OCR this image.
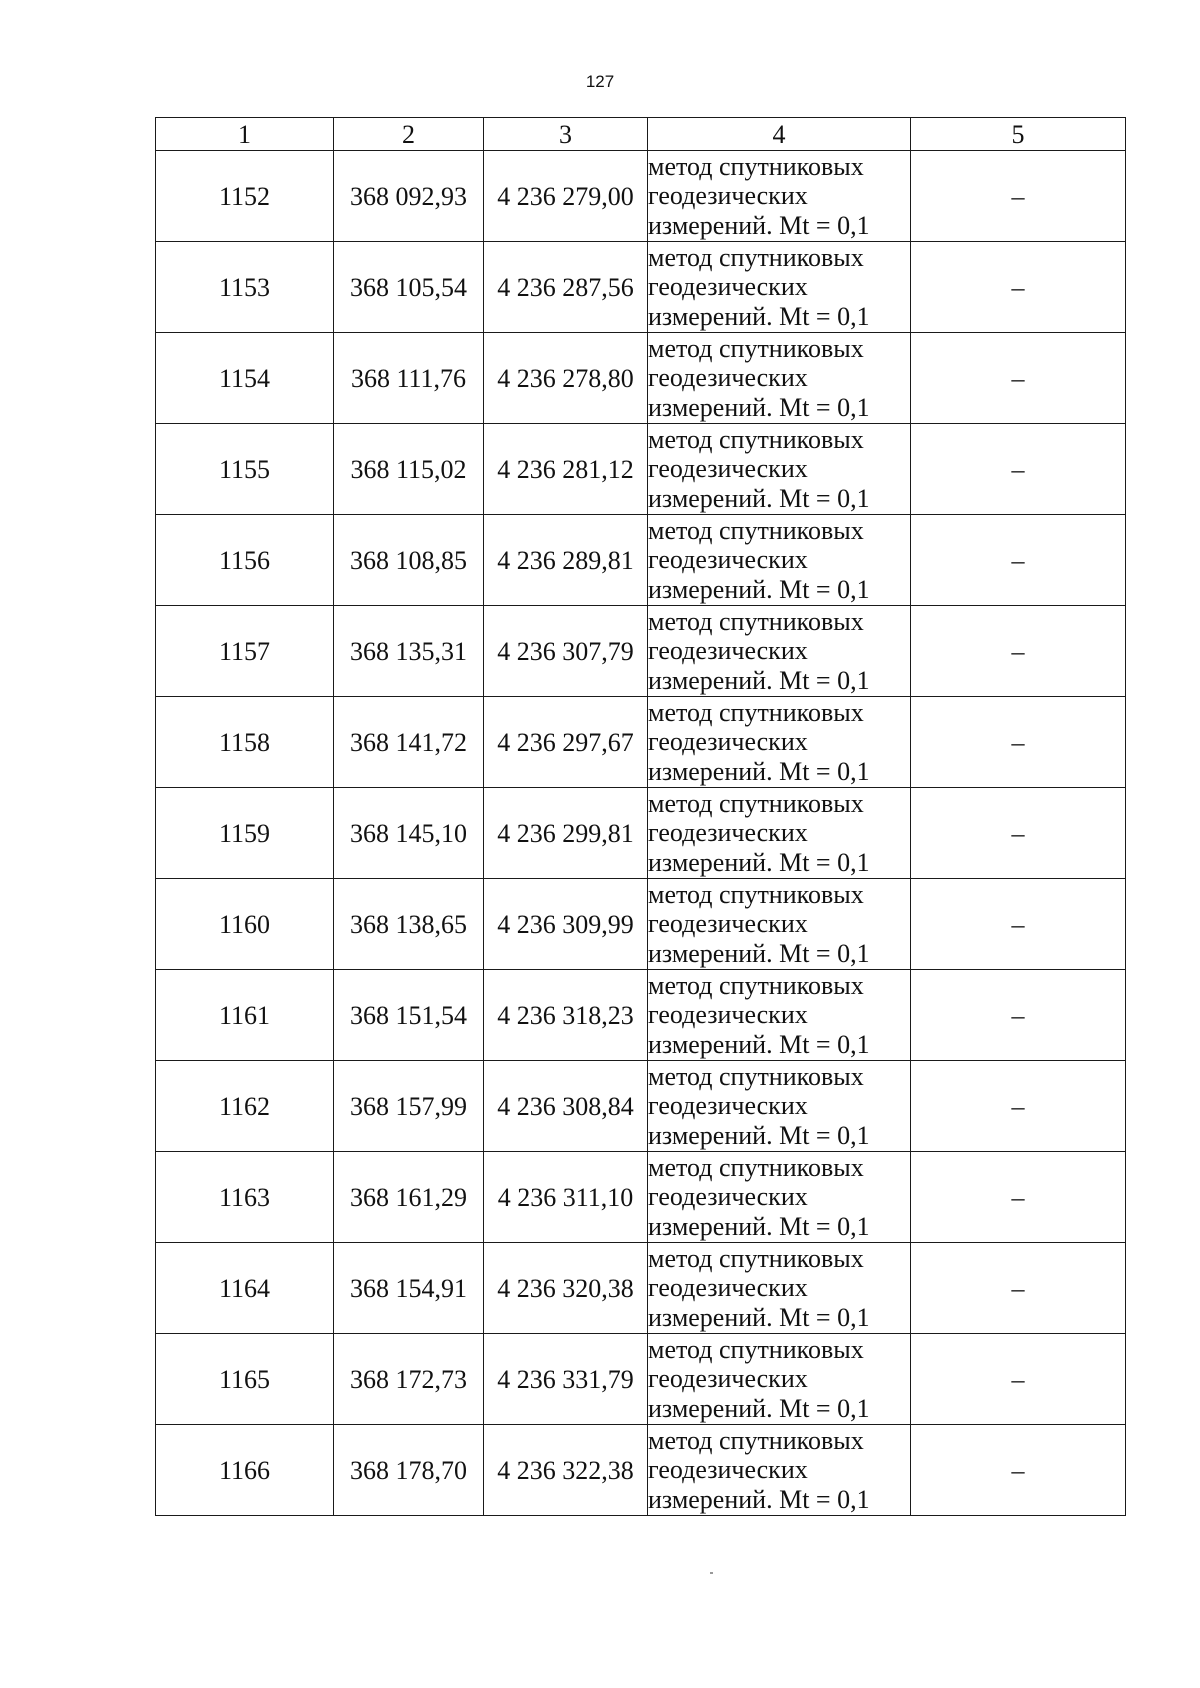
127
1	2	3	4	5
1152	368 092,93	4 236 279,00	метод спутниковых
геодезических
измерений. Mt = 0,1	–
1153	368 105,54	4 236 287,56	метод спутниковых
геодезических
измерений. Mt = 0,1	–
1154	368 111,76	4 236 278,80	метод спутниковых
геодезических
измерений. Mt = 0,1	–
1155	368 115,02	4 236 281,12	метод спутниковых
геодезических
измерений. Mt = 0,1	–
1156	368 108,85	4 236 289,81	метод спутниковых
геодезических
измерений. Mt = 0,1	–
1157	368 135,31	4 236 307,79	метод спутниковых
геодезических
измерений. Mt = 0,1	–
1158	368 141,72	4 236 297,67	метод спутниковых
геодезических
измерений. Mt = 0,1	–
1159	368 145,10	4 236 299,81	метод спутниковых
геодезических
измерений. Mt = 0,1	–
1160	368 138,65	4 236 309,99	метод спутниковых
геодезических
измерений. Mt = 0,1	–
1161	368 151,54	4 236 318,23	метод спутниковых
геодезических
измерений. Mt = 0,1	–
1162	368 157,99	4 236 308,84	метод спутниковых
геодезических
измерений. Mt = 0,1	–
1163	368 161,29	4 236 311,10	метод спутниковых
геодезических
измерений. Mt = 0,1	–
1164	368 154,91	4 236 320,38	метод спутниковых
геодезических
измерений. Mt = 0,1	–
1165	368 172,73	4 236 331,79	метод спутниковых
геодезических
измерений. Mt = 0,1	–
1166	368 178,70	4 236 322,38	метод спутниковых
геодезических
измерений. Mt = 0,1	–
